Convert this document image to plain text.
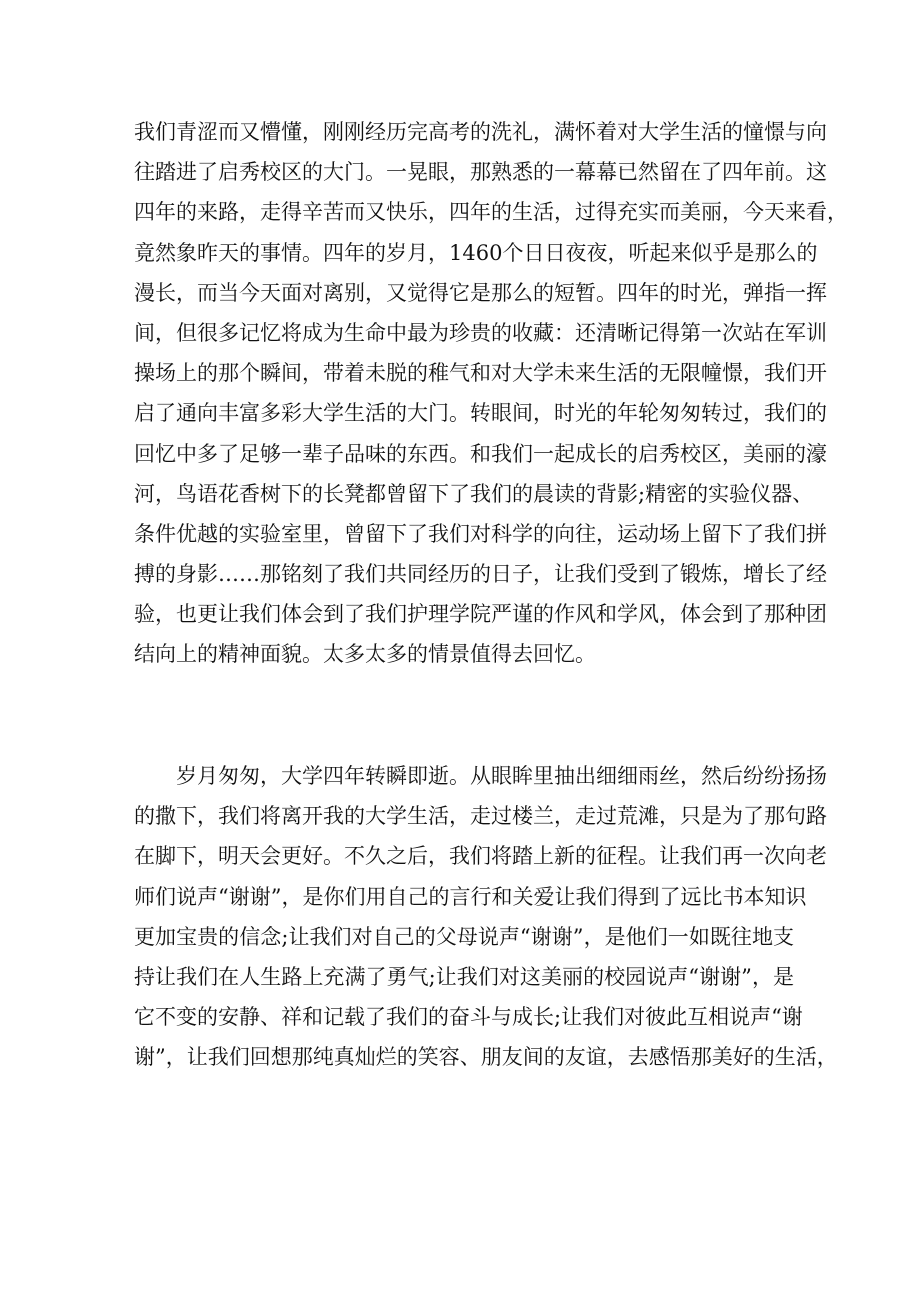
我们青涩而又懵懂，刚刚经历完高考的洗礼，满怀着对大学生活的憧憬与向
往踏进了启秀校区的大门。一晃眼，那熟悉的一幕幕已然留在了四年前。这
四年的来路，走得辛苦而又快乐，四年的生活，过得充实而美丽，今天来看，
竟然象昨天的事情。四年的岁月，1460个日日夜夜，听起来似乎是那么的
漫长，而当今天面对离别，又觉得它是那么的短暂。四年的时光，弹指一挥
间，但很多记忆将成为生命中最为珍贵的收藏：还清晰记得第一次站在军训
操场上的那个瞬间，带着未脱的稚气和对大学未来生活的无限幢憬，我们开
启了通向丰富多彩大学生活的大门。转眼间，时光的年轮匆匆转过，我们的
回忆中多了足够一辈子品味的东西。和我们一起成长的启秀校区，美丽的濠
河，鸟语花香树下的长凳都曾留下了我们的晨读的背影;精密的实验仪器、
条件优越的实验室里，曾留下了我们对科学的向往，运动场上留下了我们拼
搏的身影……那铭刻了我们共同经历的日子，让我们受到了锻炼，增长了经
验，也更让我们体会到了我们护理学院严谨的作风和学风，体会到了那种团
结向上的精神面貌。太多太多的情景值得去回忆。
岁月匆匆，大学四年转瞬即逝。从眼眸里抽出细细雨丝，然后纷纷扬扬
的撒下，我们将离开我的大学生活，走过楼兰，走过荒滩，只是为了那句路
在脚下，明天会更好。不久之后，我们将踏上新的征程。让我们再一次向老
师们说声“谢谢”，是你们用自己的言行和关爱让我们得到了远比书本知识
更加宝贵的信念;让我们对自己的父母说声“谢谢”，是他们一如既往地支
持让我们在人生路上充满了勇气;让我们对这美丽的校园说声“谢谢”，是
它不变的安静、祥和记载了我们的奋斗与成长;让我们对彼此互相说声“谢
谢”，让我们回想那纯真灿烂的笑容、朋友间的友谊，去感悟那美好的生活，
